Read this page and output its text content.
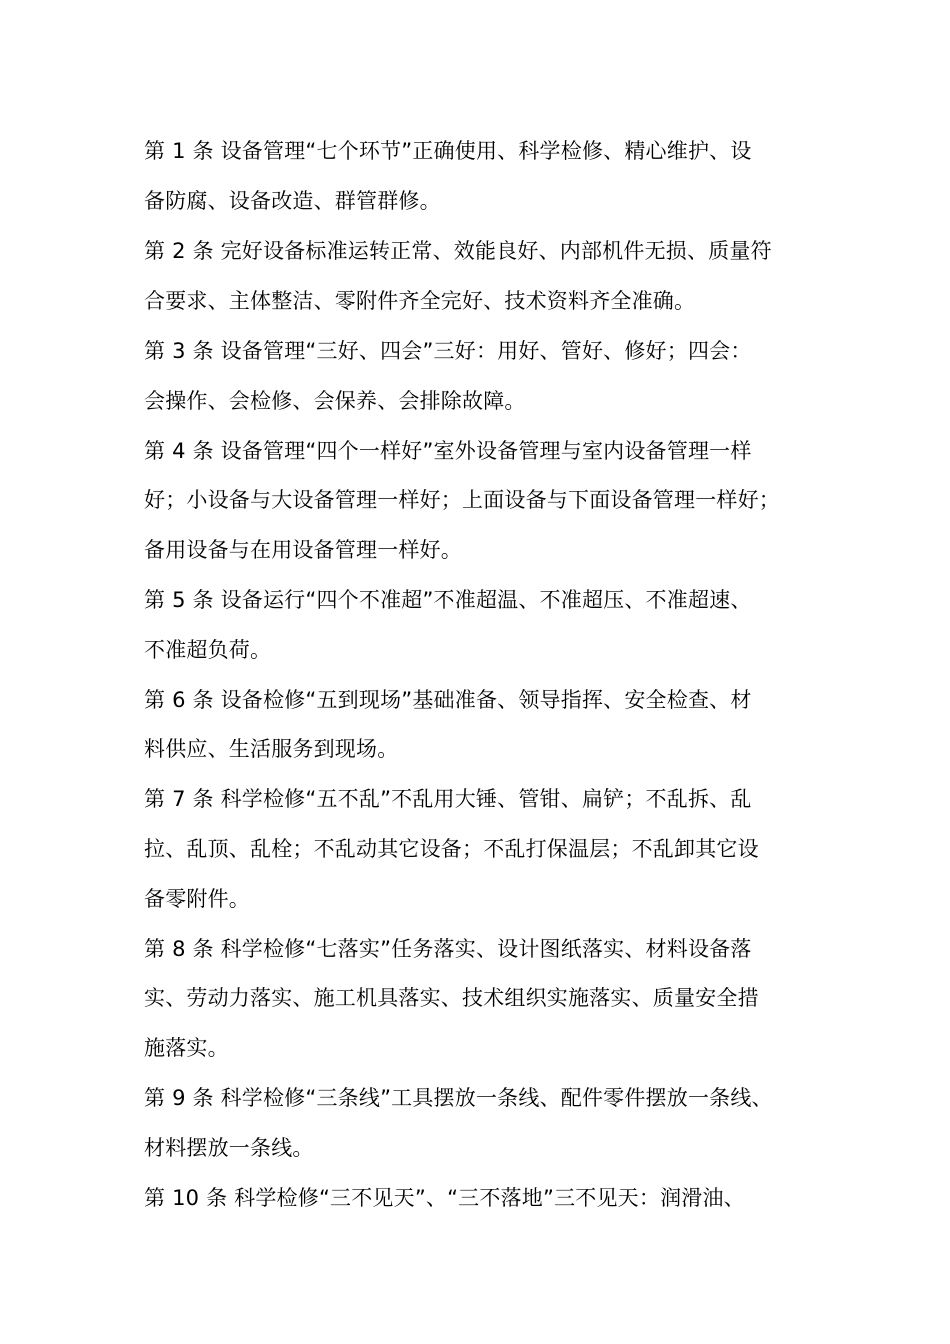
第 1 条 设备管理“七个环节”正确使用、科学检修、精心维护、设
备防腐、设备改造、群管群修。
第 2 条 完好设备标准运转正常、效能良好、内部机件无损、质量符
合要求、主体整洁、零附件齐全完好、技术资料齐全准确。
第 3 条 设备管理“三好、四会”三好：用好、管好、修好；四会：
会操作、会检修、会保养、会排除故障。
第 4 条 设备管理“四个一样好”室外设备管理与室内设备管理一样
好；小设备与大设备管理一样好；上面设备与下面设备管理一样好；
备用设备与在用设备管理一样好。
第 5 条 设备运行“四个不准超”不准超温、不准超压、不准超速、
不准超负荷。
第 6 条 设备检修“五到现场”基础准备、领导指挥、安全检查、材
料供应、生活服务到现场。
第 7 条 科学检修“五不乱”不乱用大锤、管钳、扁铲；不乱拆、乱
拉、乱顶、乱栓；不乱动其它设备；不乱打保温层；不乱卸其它设
备零附件。
第 8 条 科学检修“七落实”任务落实、设计图纸落实、材料设备落
实、劳动力落实、施工机具落实、技术组织实施落实、质量安全措
施落实。
第 9 条 科学检修“三条线”工具摆放一条线、配件零件摆放一条线、
材料摆放一条线。
第 10 条 科学检修“三不见天”、“三不落地”三不见天：润滑油、
